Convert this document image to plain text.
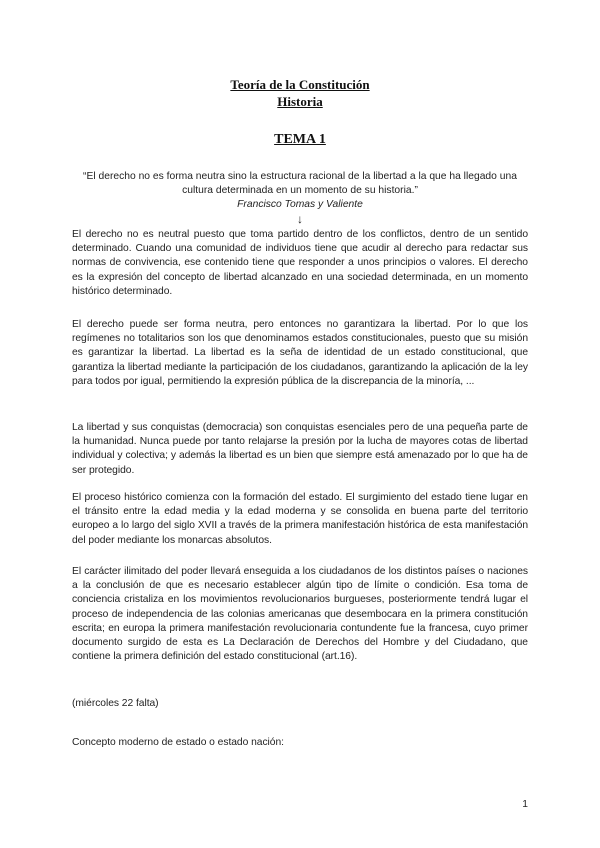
Teoría de la Constitución
Historia
TEMA 1

“El derecho no es forma neutra sino la estructura racional de la libertad a la que ha llegado una cultura determinada en un momento de su historia.”

Francisco Tomas y Valiente

↓

El derecho no es neutral puesto que toma partido dentro de los conflictos, dentro de un sentido determinado. Cuando una comunidad de individuos tiene que acudir al derecho para redactar sus normas de convivencia, ese contenido tiene que responder a unos principios o valores. El derecho es la expresión del concepto de libertad alcanzado en una sociedad determinada, en un momento histórico determinado.

El derecho puede ser forma neutra, pero entonces no garantizara la libertad. Por lo que los regímenes no totalitarios son los que denominamos estados constitucionales, puesto que su misión es garantizar la libertad. La libertad es la seña de identidad de un estado constitucional, que garantiza la libertad mediante la participación de los ciudadanos, garantizando la aplicación de la ley para todos por igual, permitiendo la expresión pública de la discrepancia de la minoría, ...

La libertad y sus conquistas (democracia) son conquistas esenciales pero de una pequeña parte de la humanidad. Nunca puede por tanto relajarse la presión por la lucha de mayores cotas de libertad individual y colectiva; y además la libertad es un bien que siempre está amenazado por lo que ha de ser protegido.

El proceso histórico comienza con la formación del estado. El surgimiento del estado tiene lugar en el tránsito entre la edad media y la edad moderna y se consolida en buena parte del territorio europeo a lo largo del siglo XVII a través de la primera manifestación histórica de esta manifestación del poder mediante los monarcas absolutos.

El carácter ilimitado del poder llevará enseguida a los ciudadanos de los distintos países o naciones a la conclusión de que es necesario establecer algún tipo de límite o condición. Esa toma de conciencia cristaliza en los movimientos revolucionarios burgueses, posteriormente tendrá lugar el proceso de independencia de las colonias americanas que desembocara en la primera constitución escrita; en europa la primera manifestación revolucionaria contundente fue la francesa, cuyo primer documento surgido de esta es La Declaración de Derechos del Hombre y del Ciudadano, que contiene la primera definición del estado constitucional (art.16).

(miércoles 22 falta)

Concepto moderno de estado o estado nación:

1
